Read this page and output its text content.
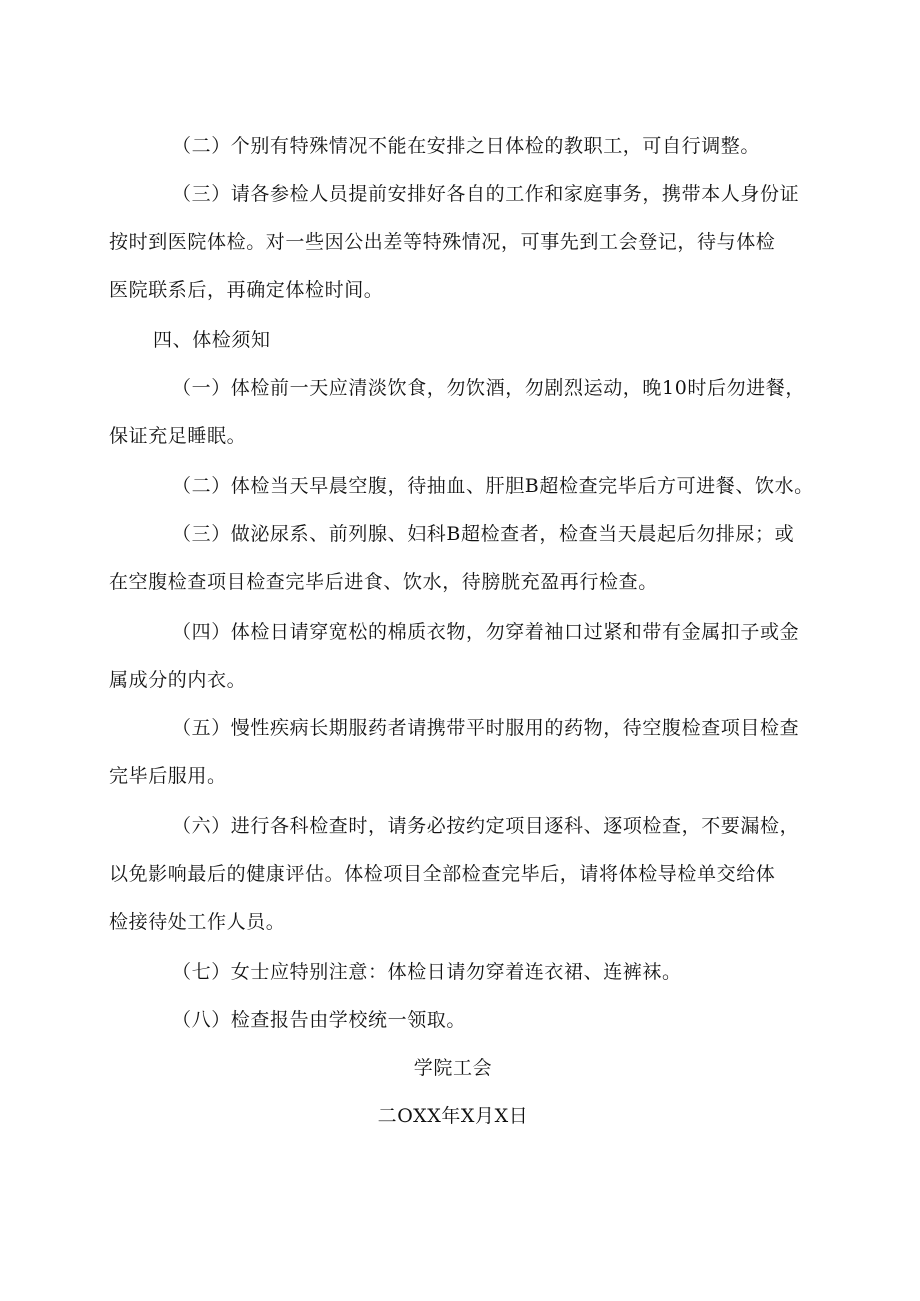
（二）个别有特殊情况不能在安排之日体检的教职工，可自行调整。
（三）请各参检人员提前安排好各自的工作和家庭事务，携带本人身份证
按时到医院体检。对一些因公出差等特殊情况，可事先到工会登记，待与体检
医院联系后，再确定体检时间。
四、体检须知
（一）体检前一天应清淡饮食，勿饮酒，勿剧烈运动，晚10时后勿进餐，
保证充足睡眠。
（二）体检当天早晨空腹，待抽血、肝胆B超检查完毕后方可进餐、饮水。
（三）做泌尿系、前列腺、妇科B超检查者，检查当天晨起后勿排尿；或
在空腹检查项目检查完毕后进食、饮水，待膀胱充盈再行检查。
（四）体检日请穿宽松的棉质衣物，勿穿着袖口过紧和带有金属扣子或金
属成分的内衣。
（五）慢性疾病长期服药者请携带平时服用的药物，待空腹检查项目检查
完毕后服用。
（六）进行各科检查时，请务必按约定项目逐科、逐项检查，不要漏检，
以免影响最后的健康评估。体检项目全部检查完毕后，请将体检导检单交给体
检接待处工作人员。
（七）女士应特别注意：体检日请勿穿着连衣裙、连裤袜。
（八）检查报告由学校统一领取。
学院工会
二OXX年X月X日
